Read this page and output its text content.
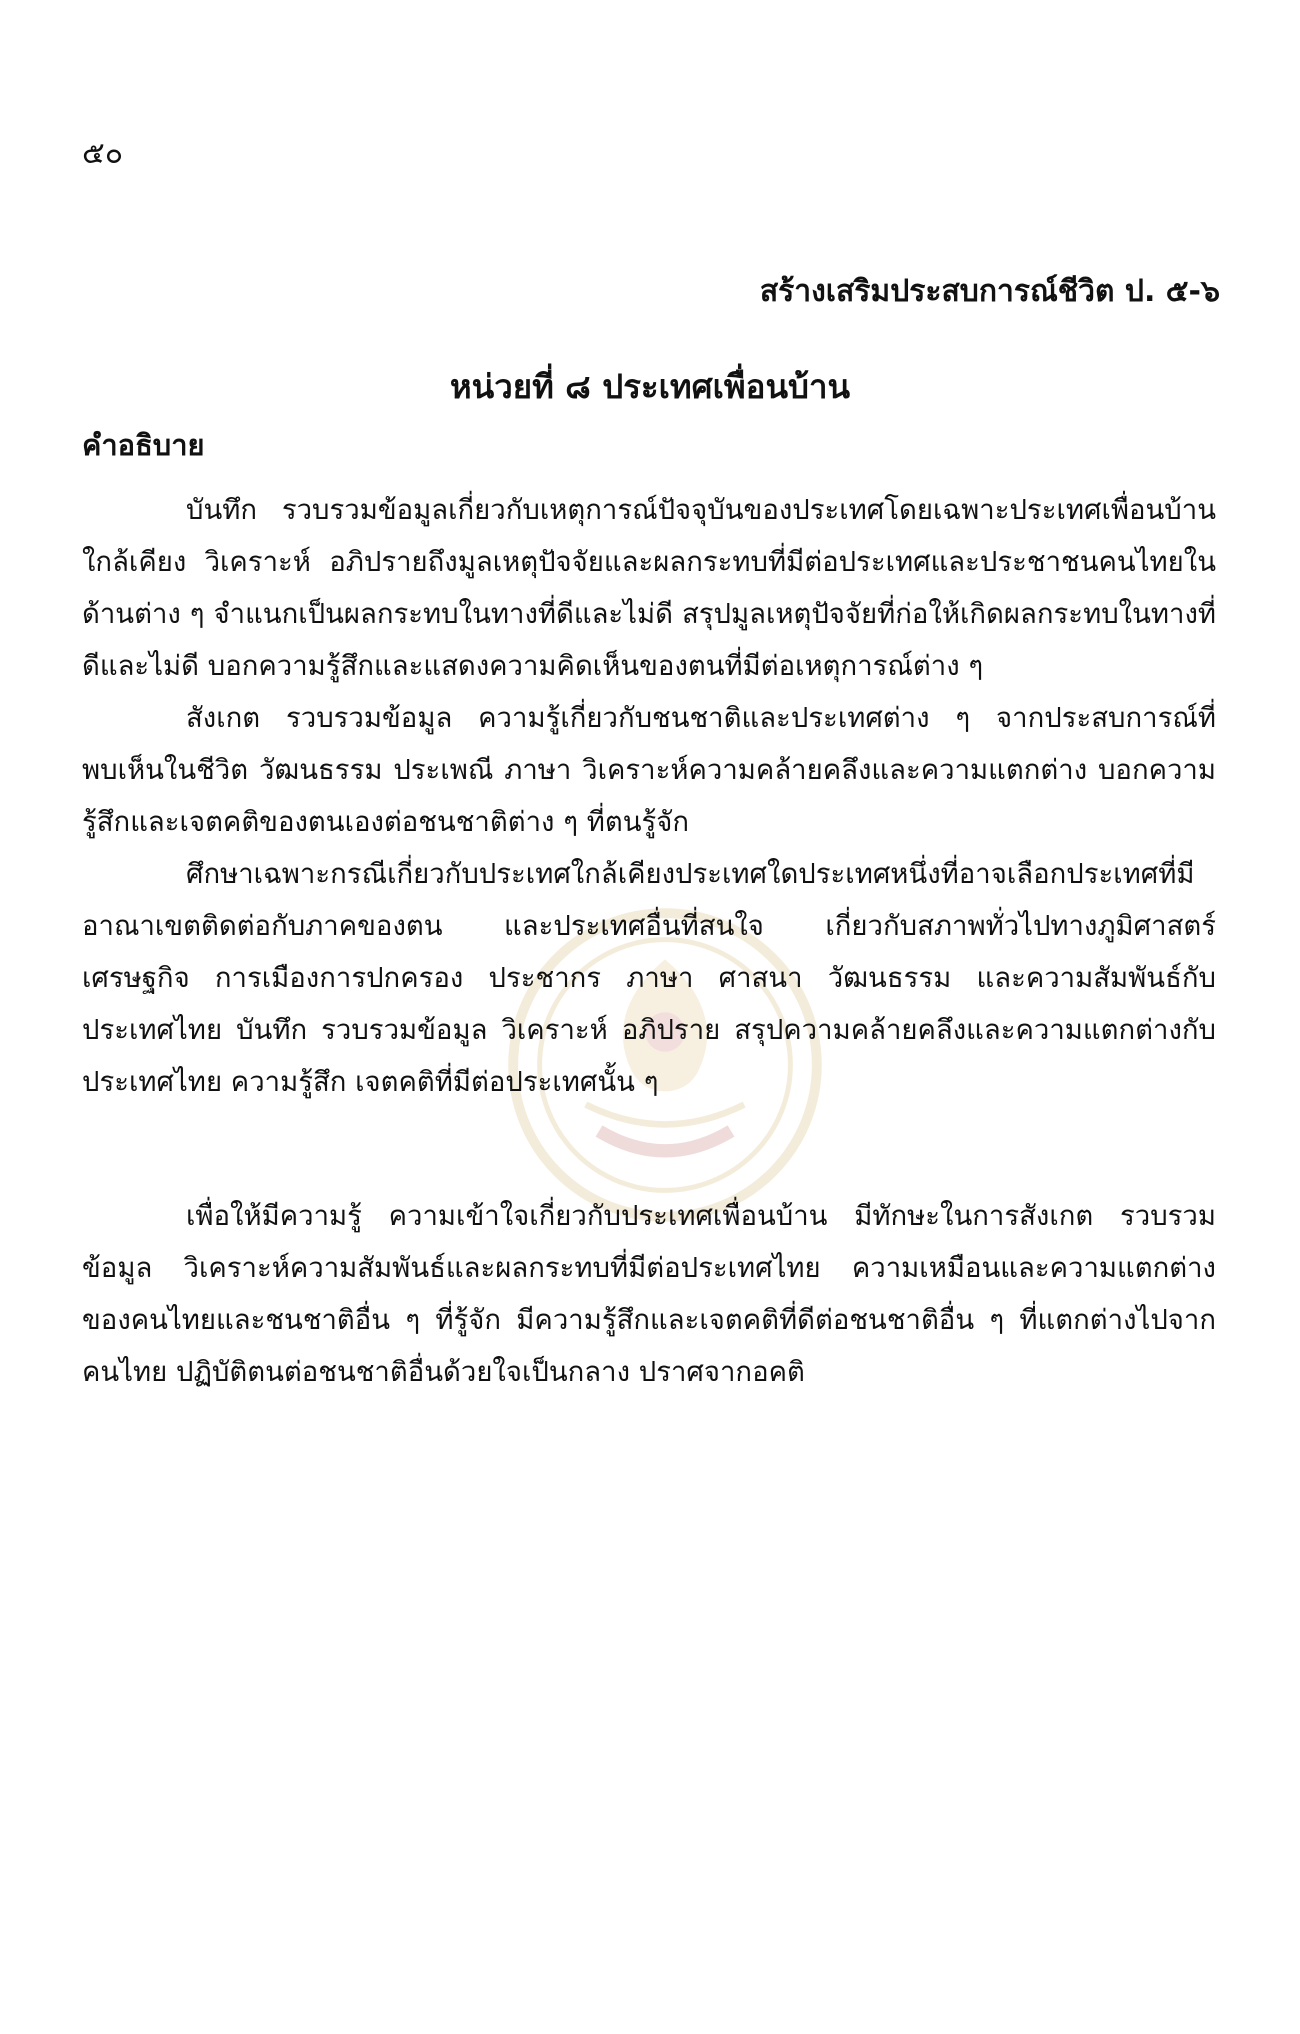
๕๐
สร้างเสริมประสบการณ์ชีวิต ป. ๕-๖
หน่วยที่ ๘ ประเทศเพื่อนบ้าน
คำอธิบาย

บันทึก รวบรวมข้อมูลเกี่ยวกับเหตุการณ์ปัจจุบันของประเทศโดยเฉพาะประเทศเพื่อนบ้านใกล้เคียง วิเคราะห์ อภิปรายถึงมูลเหตุปัจจัยและผลกระทบที่มีต่อประเทศและประชาชนคนไทยในด้านต่าง ๆ จำแนกเป็นผลกระทบในทางที่ดีและไม่ดี สรุปมูลเหตุปัจจัยที่ก่อให้เกิดผลกระทบในทางที่ดีและไม่ดี บอกความรู้สึกและแสดงความคิดเห็นของตนที่มีต่อเหตุการณ์ต่าง ๆ

สังเกต รวบรวมข้อมูล ความรู้เกี่ยวกับชนชาติและประเทศต่าง ๆ จากประสบการณ์ที่พบเห็นในชีวิต วัฒนธรรม ประเพณี ภาษา วิเคราะห์ความคล้ายคลึงและความแตกต่าง บอกความรู้สึกและเจตคติของตนเองต่อชนชาติต่าง ๆ ที่ตนรู้จัก

ศึกษาเฉพาะกรณีเกี่ยวกับประเทศใกล้เคียงประเทศใดประเทศหนึ่งที่อาจเลือกประเทศที่มีอาณาเขตติดต่อกับภาคของตน และประเทศอื่นที่สนใจ เกี่ยวกับสภาพทั่วไปทางภูมิศาสตร์ เศรษฐกิจ การเมืองการปกครอง ประชากร ภาษา ศาสนา วัฒนธรรม และความสัมพันธ์กับประเทศไทย บันทึก รวบรวมข้อมูล วิเคราะห์ อภิปราย สรุปความคล้ายคลึงและความแตกต่างกับประเทศไทย ความรู้สึก เจตคติที่มีต่อประเทศนั้น ๆ

เพื่อให้มีความรู้ ความเข้าใจเกี่ยวกับประเทศเพื่อนบ้าน มีทักษะในการสังเกต รวบรวมข้อมูล วิเคราะห์ความสัมพันธ์และผลกระทบที่มีต่อประเทศไทย ความเหมือนและความแตกต่างของคนไทยและชนชาติอื่น ๆ ที่รู้จัก มีความรู้สึกและเจตคติที่ดีต่อชนชาติอื่น ๆ ที่แตกต่างไปจากคนไทย ปฏิบัติตนต่อชนชาติอื่นด้วยใจเป็นกลาง ปราศจากอคติ
